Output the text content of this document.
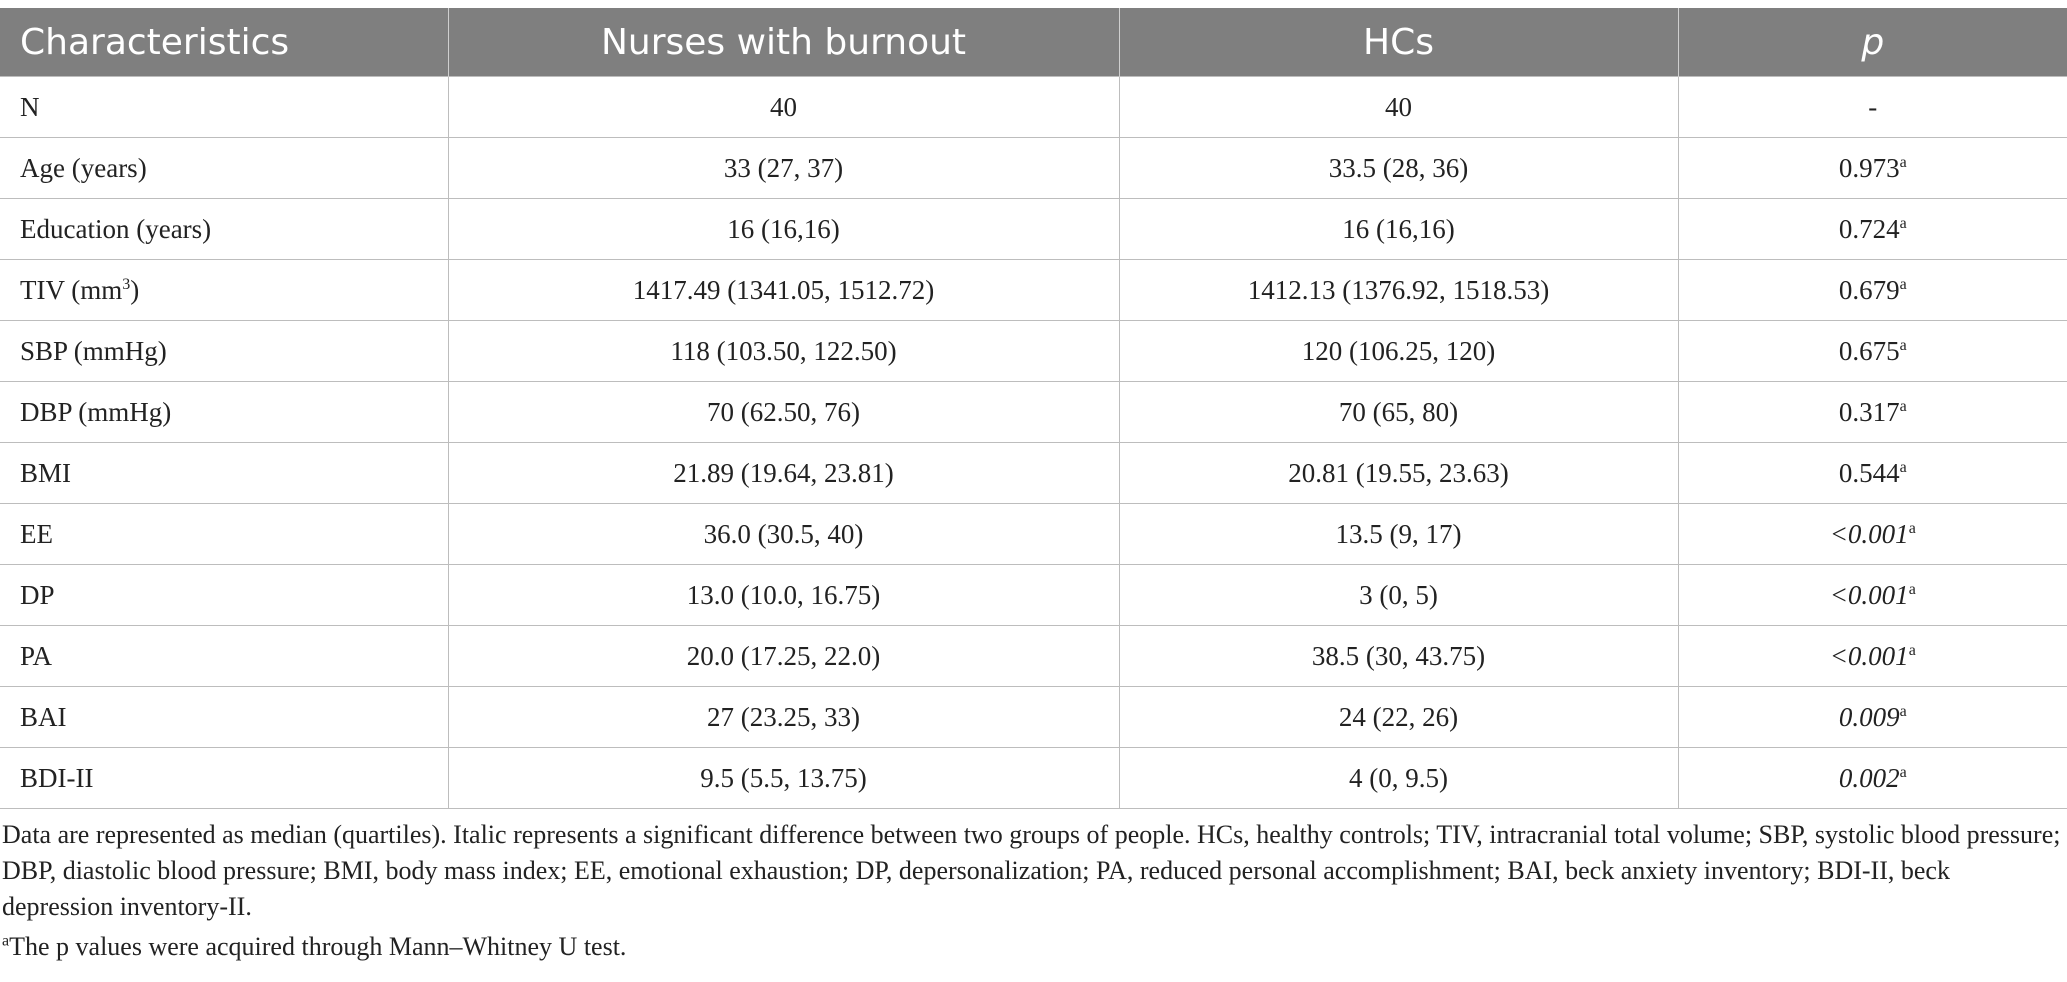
Characteristics	Nurses with burnout	HCs	p
N	40	40	-
Age (years)	33 (27, 37)	33.5 (28, 36)	0.973$^a$
Education (years)	16 (16,16)	16 (16,16)	0.724$^a$
TIV $(mm^3)$	1417.49 (1341.05, 1512.72)	1412.13 (1376.92, 1518.53)	0.679$^a$
SBP (mmHg)	118 (103.50, 122.50)	120 (106.25, 120)	0.675$^a$
DBP (mmHg)	70 (62.50, 76)	70 (65, 80)	0.317$^a$
BMI	21.89 (19.64, 23.81)	20.81 (19.55, 23.63)	0.544$^a$
EE	36.0 (30.5, 40)	13.5 (9, 17)	<0.001$^a$
DP	13.0 (10.0, 16.75)	3 (0, 5)	<0.001$^a$
PA	20.0 (17.25, 22.0)	38.5 (30, 43.75)	<0.001$^a$
BAI	27 (23.25, 33)	24 (22, 26)	0.009$^a$
BDI-II	9.5 (5.5, 13.75)	4 (0, 9.5)	0.002$^a$
Data are represented as median (quartiles). Italic represents a significant difference between two groups of people. HCs, healthy controls; TIV, intracranial total volume; SBP, systolic blood pressure; DBP, diastolic blood pressure; BMI, body mass index; EE, emotional exhaustion; DP, depersonalization; PA, reduced personal accomplishment; BAI, beck anxiety inventory; BDI-II, beck depression inventory-II.
$^a$The p values were acquired through Mann–Whitney U test.
